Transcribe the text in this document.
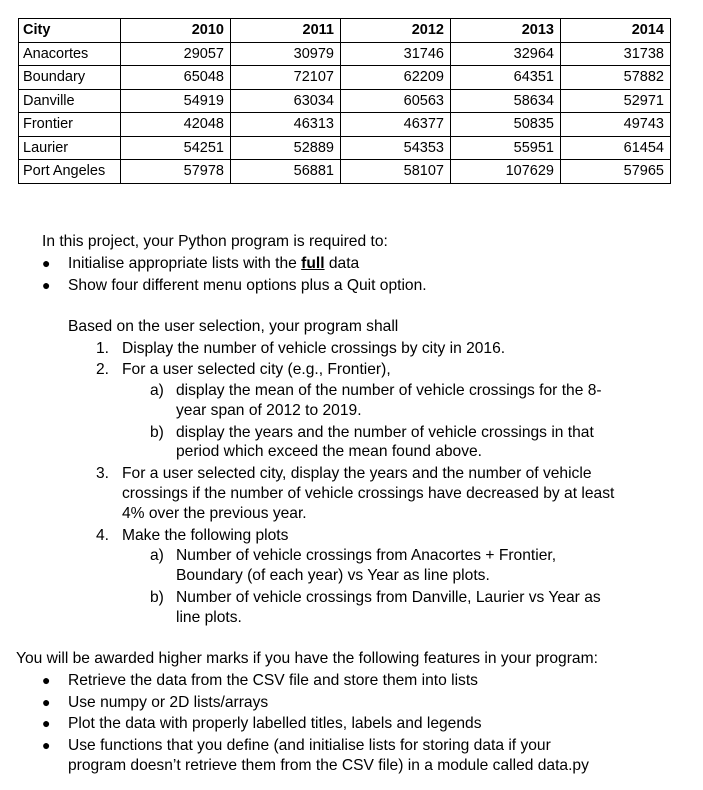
City	2010	2011	2012	2013	2014
Anacortes	29057	30979	31746	32964	31738
Boundary	65048	72107	62209	64351	57882
Danville	54919	63034	60563	58634	52971
Frontier	42048	46313	46377	50835	49743
Laurier	54251	52889	54353	55951	61454
Port Angeles	57978	56881	58107	107629	57965
In this project, your Python program is required to:
● Initialise appropriate lists with the full data
● Show four different menu options plus a Quit option.
Based on the user selection, your program shall
1. Display the number of vehicle crossings by city in 2016.
2. For a user selected city (e.g., Frontier),
a) display the mean of the number of vehicle crossings for the 8-
year span of 2012 to 2019.
b) display the years and the number of vehicle crossings in that
period which exceed the mean found above.
3. For a user selected city, display the years and the number of vehicle
crossings if the number of vehicle crossings have decreased by at least
4% over the previous year.
4. Make the following plots
a) Number of vehicle crossings from Anacortes + Frontier,
Boundary (of each year) vs Year as line plots.
b) Number of vehicle crossings from Danville, Laurier vs Year as
line plots.
You will be awarded higher marks if you have the following features in your program:
● Retrieve the data from the CSV file and store them into lists
● Use numpy or 2D lists/arrays
● Plot the data with properly labelled titles, labels and legends
● Use functions that you define (and initialise lists for storing data if your
program doesn’t retrieve them from the CSV file) in a module called data.py
